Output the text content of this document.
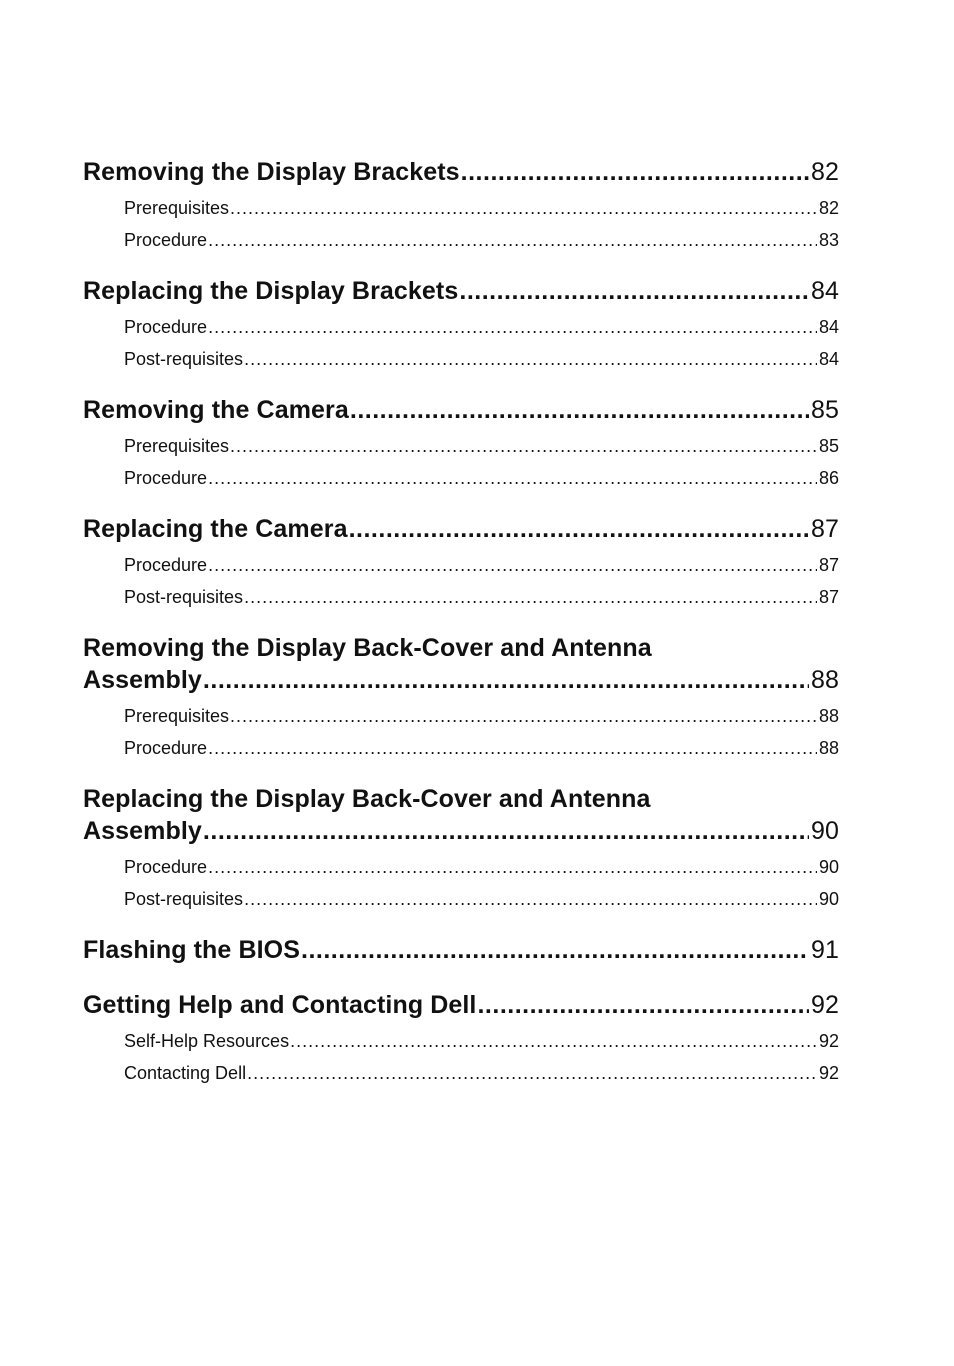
Removing the Display Brackets .....	82
Prerequisites .....	82
Procedure .....	83
Replacing the Display Brackets .....	84
Procedure .....	84
Post-requisites .....	84
Removing the Camera .....	85
Prerequisites .....	85
Procedure .....	86
Replacing the Camera .....	87
Procedure .....	87
Post-requisites .....	87
Removing the Display Back-Cover and Antenna
Assembly .....	88
Prerequisites .....	88
Procedure .....	88
Replacing the Display Back-Cover and Antenna
Assembly .....	90
Procedure .....	90
Post-requisites .....	90
Flashing the BIOS .....	91
Getting Help and Contacting Dell .....	92
Self-Help Resources .....	92
Contacting Dell .....	92
